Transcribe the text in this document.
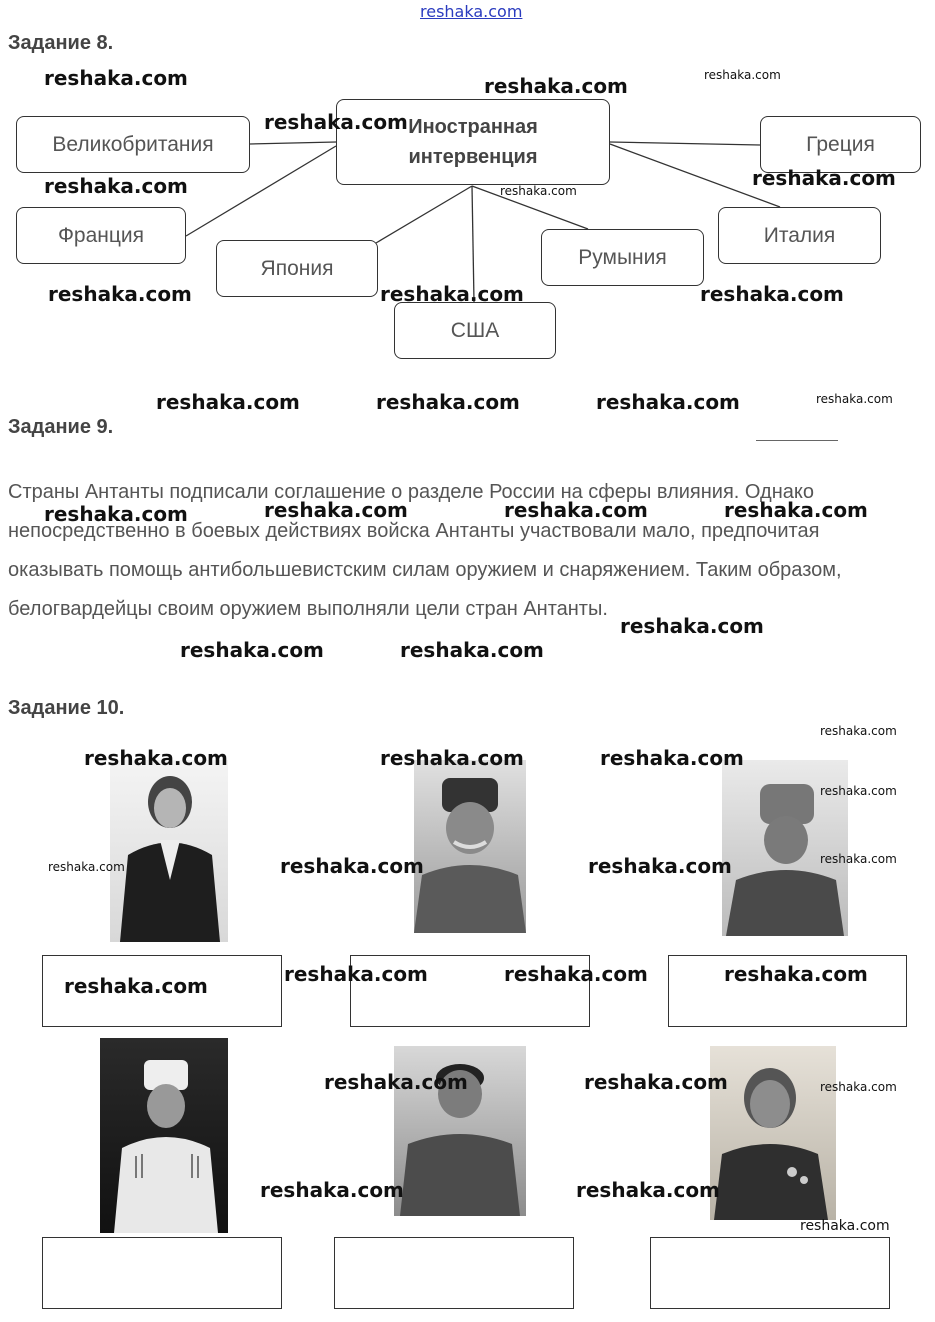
reshaka.com
Задание 8.
Иностранная
интервенция
Великобритания
Франция
Япония
США
Румыния
Италия
Греция
Задание 9.
Страны Антанты подписали соглашение о разделе России на сферы влияния. Однако непосредственно в боевых действиях войска Антанты участвовали мало, предпочитая оказывать помощь антибольшевистским силам оружием и снаряжением. Таким образом, белогвардейцы своим оружием выполняли цели стран Антанты.
Задание 10.
reshaka.com	reshaka.com	reshaka.com
reshaka.com
reshaka.com	reshaka.com
reshaka.com
reshaka.com	reshaka.com	reshaka.com
reshaka.com	reshaka.com	reshaka.com	reshaka.com
reshaka.com	reshaka.com	reshaka.com	reshaka.com
reshaka.com
reshaka.com	reshaka.com
reshaka.com
reshaka.com	reshaka.com	reshaka.com
reshaka.com
reshaka.com
reshaka.com	reshaka.com	reshaka.com
reshaka.com	reshaka.com	reshaka.com
reshaka.com
reshaka.com	reshaka.com	reshaka.com
reshaka.com	reshaka.com
reshaka.com
